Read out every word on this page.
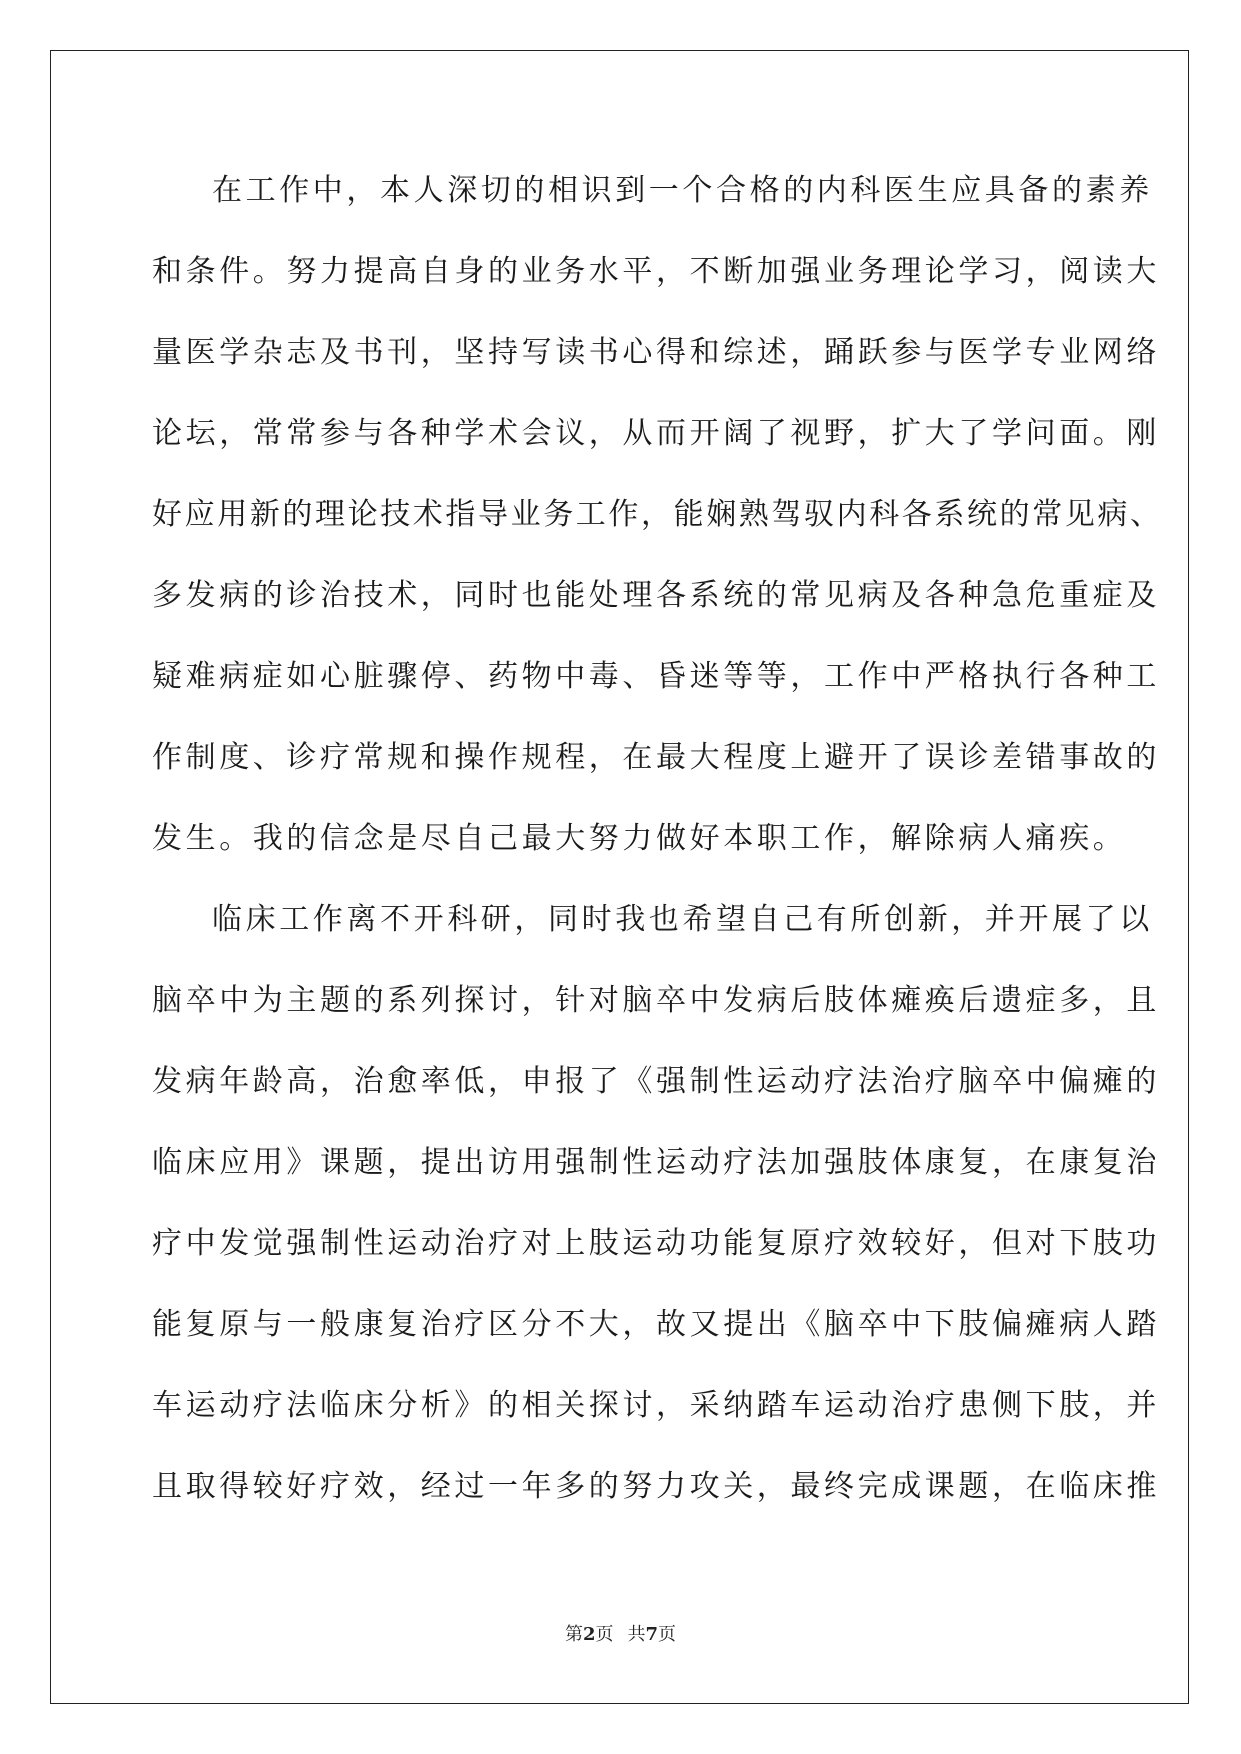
在工作中，本人深切的相识到一个合格的内科医生应具备的素养
和条件。努力提高自身的业务水平，不断加强业务理论学习，阅读大
量医学杂志及书刊，坚持写读书心得和综述，踊跃参与医学专业网络
论坛，常常参与各种学术会议，从而开阔了视野，扩大了学问面。刚
好应用新的理论技术指导业务工作，能娴熟驾驭内科各系统的常见病、
多发病的诊治技术，同时也能处理各系统的常见病及各种急危重症及
疑难病症如心脏骤停、药物中毒、昏迷等等，工作中严格执行各种工
作制度、诊疗常规和操作规程，在最大程度上避开了误诊差错事故的
发生。我的信念是尽自己最大努力做好本职工作，解除病人痛疾。
临床工作离不开科研，同时我也希望自己有所创新，并开展了以
脑卒中为主题的系列探讨，针对脑卒中发病后肢体瘫痪后遗症多，且
发病年龄高，治愈率低，申报了《强制性运动疗法治疗脑卒中偏瘫的
临床应用》课题，提出访用强制性运动疗法加强肢体康复，在康复治
疗中发觉强制性运动治疗对上肢运动功能复原疗效较好，但对下肢功
能复原与一般康复治疗区分不大，故又提出《脑卒中下肢偏瘫病人踏
车运动疗法临床分析》的相关探讨，采纳踏车运动治疗患侧下肢，并
且取得较好疗效，经过一年多的努力攻关，最终完成课题，在临床推
第2页 共7页
